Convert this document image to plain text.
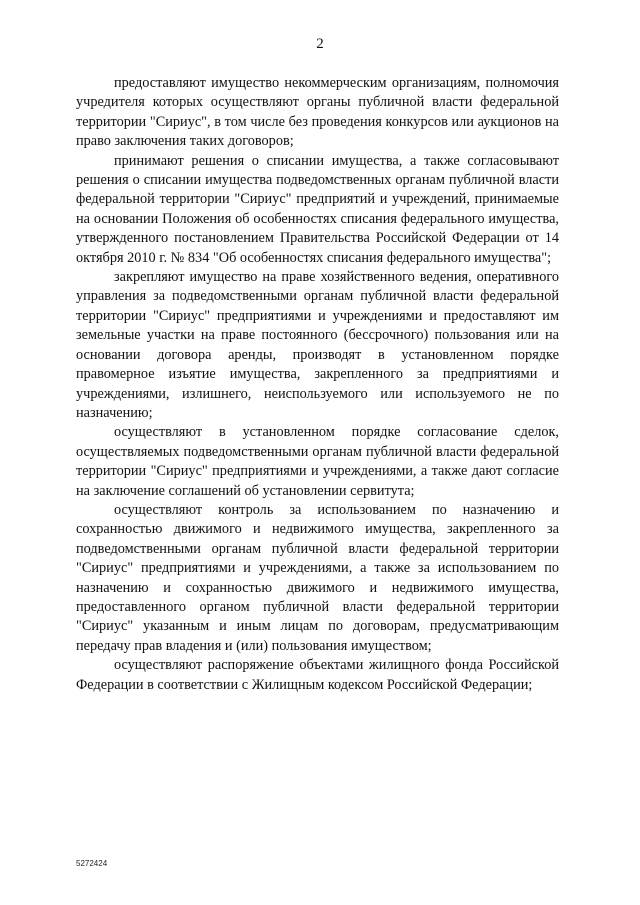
2

предоставляют имущество некоммерческим организациям, полномочия учредителя которых осуществляют органы публичной власти федеральной территории "Сириус", в том числе без проведения конкурсов или аукционов на право заключения таких договоров;

принимают решения о списании имущества, а также согласовывают решения о списании имущества подведомственных органам публичной власти федеральной территории "Сириус" предприятий и учреждений, принимаемые на основании Положения об особенностях списания федерального имущества, утвержденного постановлением Правительства Российской Федерации от 14 октября 2010 г. № 834 "Об особенностях списания федерального имущества";

закрепляют имущество на праве хозяйственного ведения, оперативного управления за подведомственными органам публичной власти федеральной территории "Сириус" предприятиями и учреждениями и предоставляют им земельные участки на праве постоянного (бессрочного) пользования или на основании договора аренды, производят в установленном порядке правомерное изъятие имущества, закрепленного за предприятиями и учреждениями, излишнего, неиспользуемого или используемого не по назначению;

осуществляют в установленном порядке согласование сделок, осуществляемых подведомственными органам публичной власти федеральной территории "Сириус" предприятиями и учреждениями, а также дают согласие на заключение соглашений об установлении сервитута;

осуществляют контроль за использованием по назначению и сохранностью движимого и недвижимого имущества, закрепленного за подведомственными органам публичной власти федеральной территории "Сириус" предприятиями и учреждениями, а также за использованием по назначению и сохранностью движимого и недвижимого имущества, предоставленного органом публичной власти федеральной территории "Сириус" указанным и иным лицам по договорам, предусматривающим передачу прав владения и (или) пользования имуществом;

осуществляют распоряжение объектами жилищного фонда Российской Федерации в соответствии с Жилищным кодексом Российской Федерации;

5272424
